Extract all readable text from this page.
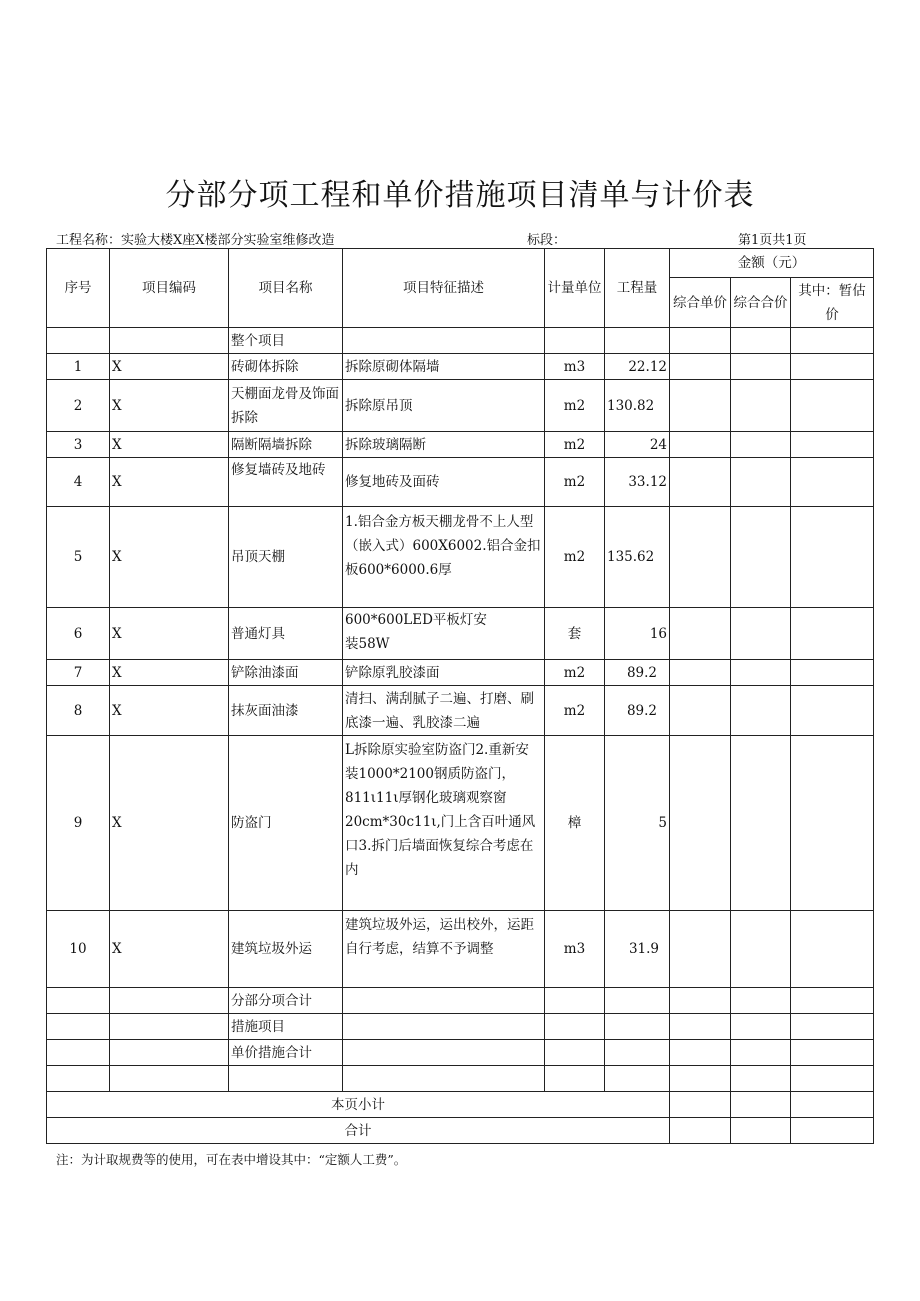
分部分项工程和单价措施项目清单与计价表
工程名称：实验大楼X座X楼部分实验室维修改造	标段：	第1页共1页
序号	项目编码	项目名称	项目特征描述	计量单位	工程量	金额（元）		
						综合单价	综合合价	其中：暂估价
		整个项目						
1	X	砖砌体拆除	拆除原砌体隔墙	m3	22.12			
2	X	天棚面龙骨及饰面拆除	拆除原吊顶	m2	130.82			
3	X	隔断隔墙拆除	拆除玻璃隔断	m2	24			
4	X	修复墙砖及地砖	修复地砖及面砖	m2	33.12			
5	X	吊顶天棚	1.铝合金方板天棚龙骨不上人型（嵌入式）600X6002.铝合金扣板600*6000.6厚	m2	135.62			
6	X	普通灯具	600*600LED平板灯安装58W	套	16			
7	X	铲除油漆面	铲除原乳胶漆面	m2	89.2			
8	X	抹灰面油漆	清扫、满刮腻子二遍、打磨、刷底漆一遍、乳胶漆二遍	m2	89.2			
9	X	防盗门	L拆除原实验室防盗门2.重新安装1000*2100钢质防盗门，811ι11ι厚钢化玻璃观察窗20cm*30c11ι,门上含百叶通风口3.拆门后墙面恢复综合考虑在内	樟	5			
10	X	建筑垃圾外运	建筑垃圾外运，运出校外，运距自行考虑，结算不予调整	m3	31.9			
		分部分项合计						
		措施项目						
		单价措施合计						

本页小计								
合计								
注：为计取规费等的使用，可在表中增设其中：“定额人工费”。
